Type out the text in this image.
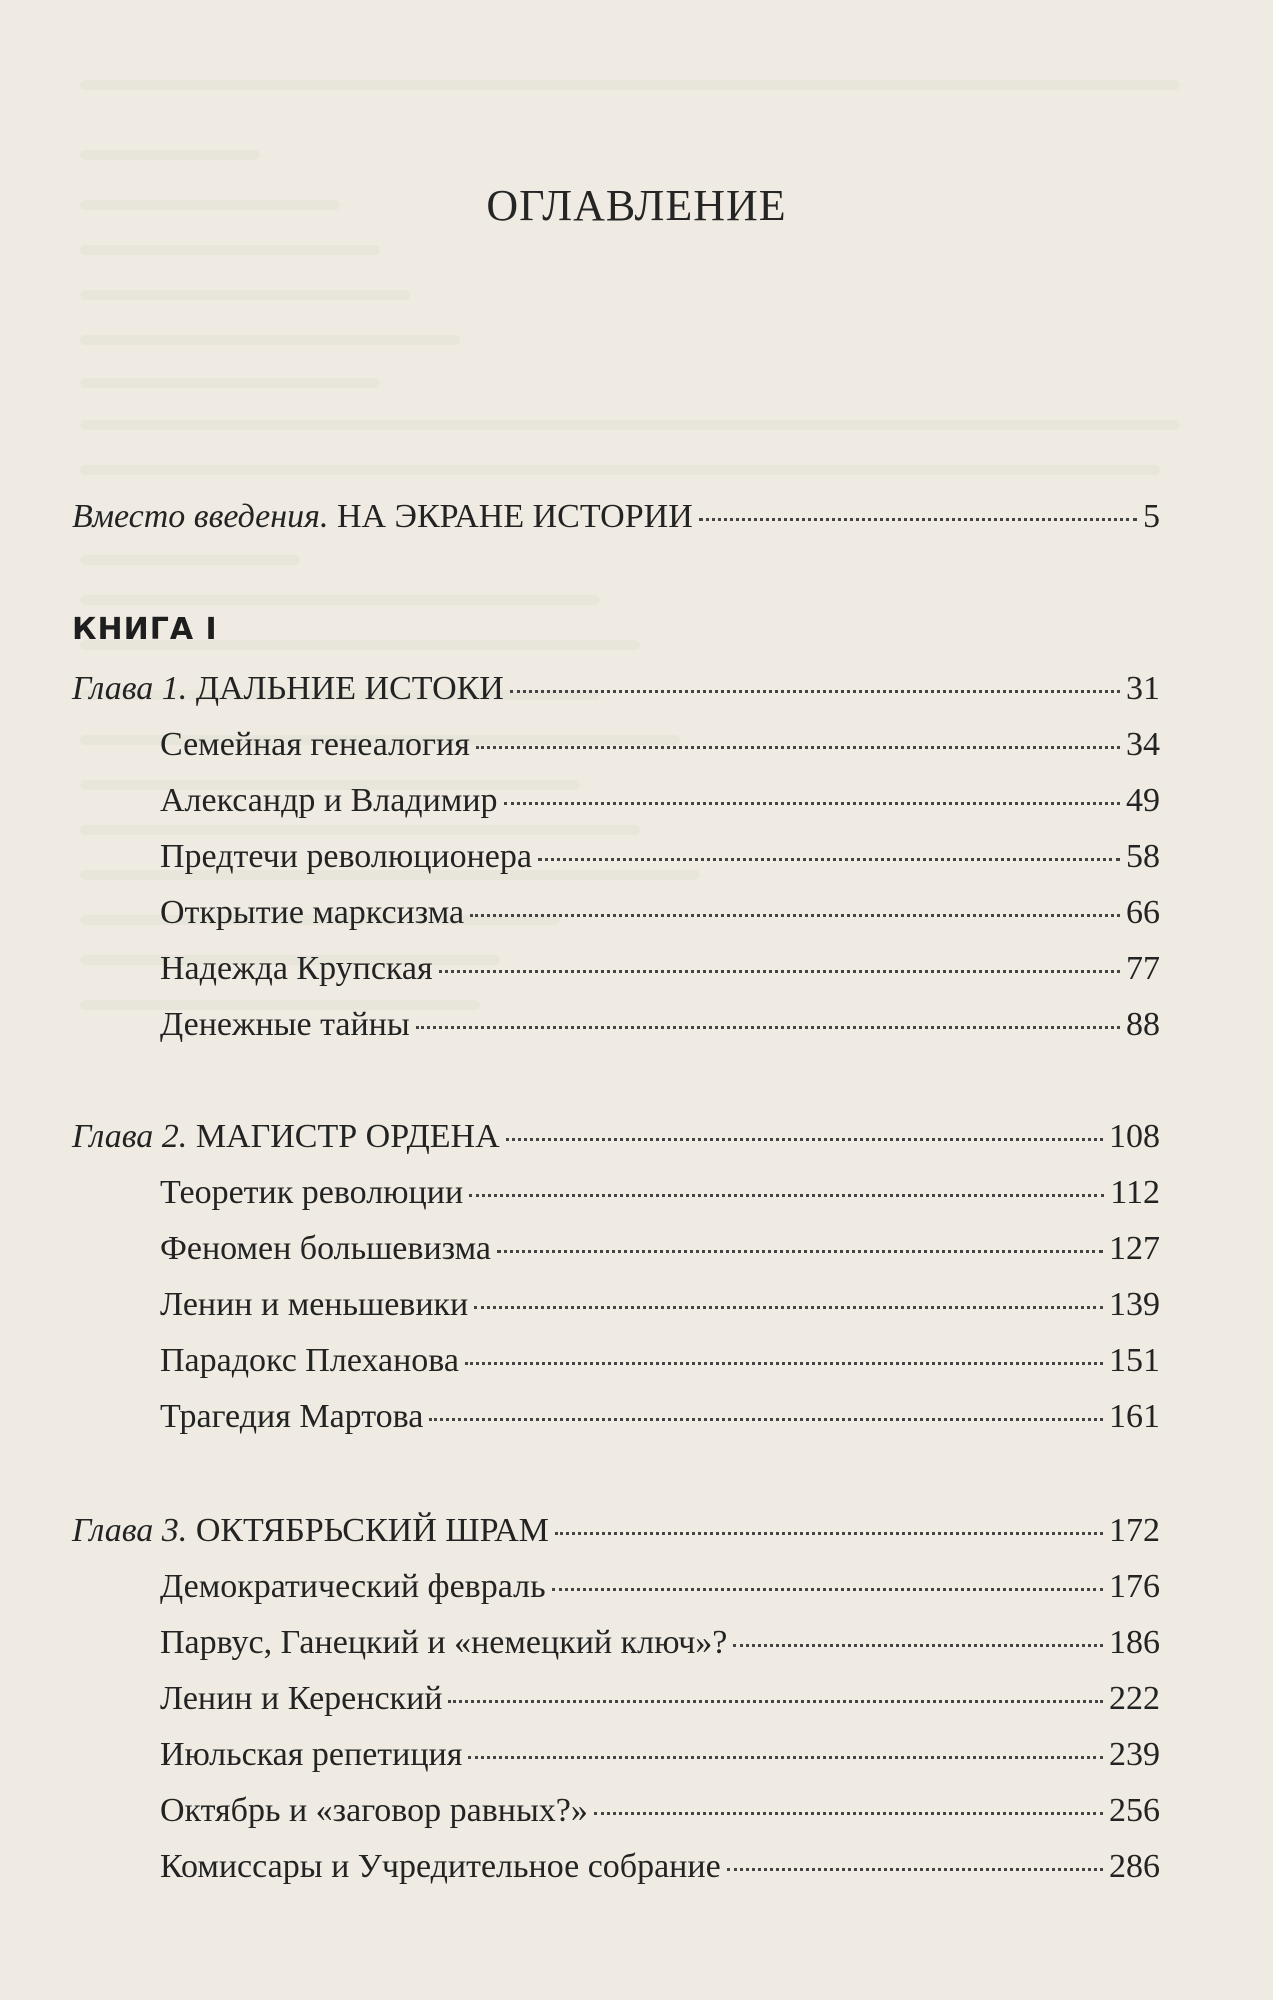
ОГЛАВЛЕНИЕ
Вместо введения. НА ЭКРАНЕ ИСТОРИИ	5
КНИГА I
Глава 1. ДАЛЬНИЕ ИСТОКИ	31
Семейная генеалогия	34
Александр и Владимир	49
Предтечи революционера	58
Открытие марксизма	66
Надежда Крупская	77
Денежные тайны	88
Глава 2. МАГИСТР ОРДЕНА	108
Теоретик революции	112
Феномен большевизма	127
Ленин и меньшевики	139
Парадокс Плеханова	151
Трагедия Мартова	161
Глава 3. ОКТЯБРЬСКИЙ ШРАМ	172
Демократический февраль	176
Парвус, Ганецкий и «немецкий ключ»?	186
Ленин и Керенский	222
Июльская репетиция	239
Октябрь и «заговор равных?»	256
Комиссары и Учредительное собрание	286
